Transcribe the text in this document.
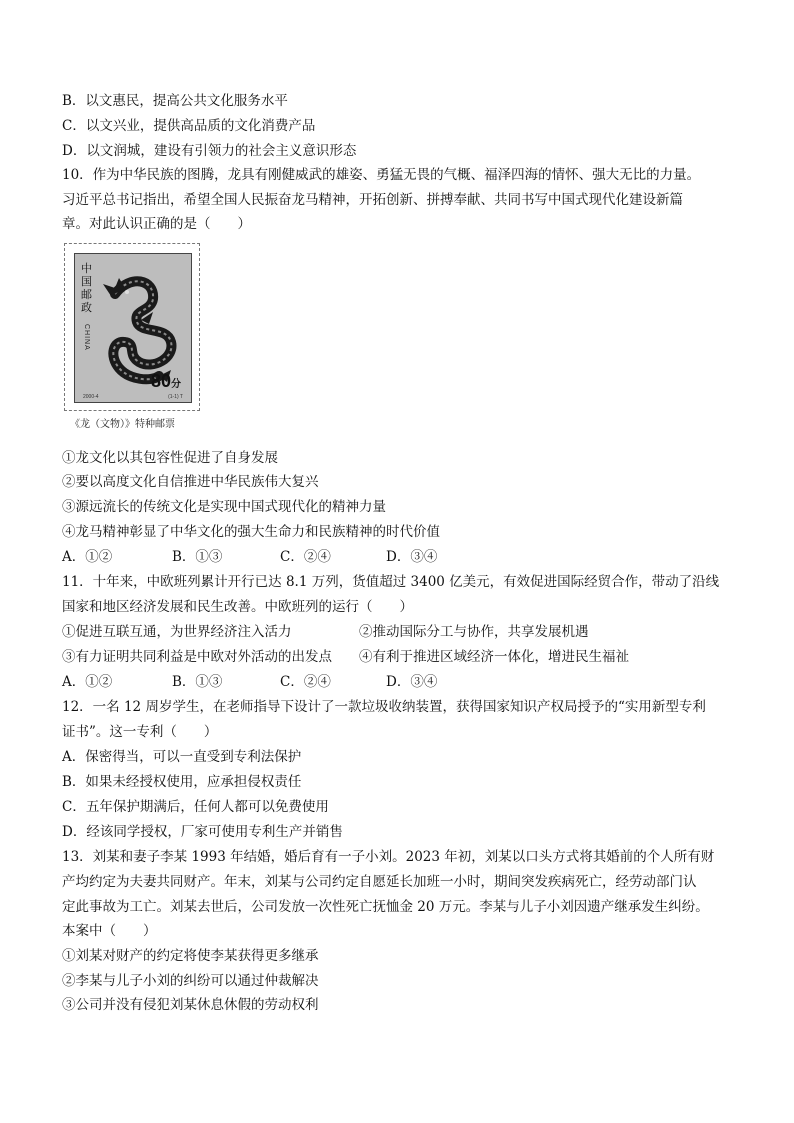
B．以文惠民，提高公共文化服务水平
C．以文兴业，提供高品质的文化消费产品
D．以文润城，建设有引领力的社会主义意识形态
10．作为中华民族的图腾，龙具有刚健威武的雄姿、勇猛无畏的气概、福泽四海的情怀、强大无比的力量。
习近平总书记指出，希望全国人民振奋龙马精神，开拓创新、拼搏奉献、共同书写中国式现代化建设新篇
章。对此认识正确的是（　　）
中国邮政
CHINA
80分
2000-4	(1-1) T
《龙（文物）》特种邮票
①龙文化以其包容性促进了自身发展
②要以高度文化自信推进中华民族伟大复兴
③源远流长的传统文化是实现中国式现代化的精神力量
④龙马精神彰显了中华文化的强大生命力和民族精神的时代价值
A．①②	B．①③	C．②④	D．③④
11．十年来，中欧班列累计开行已达 8.1 万列，货值超过 3400 亿美元，有效促进国际经贸合作，带动了沿线
国家和地区经济发展和民生改善。中欧班列的运行（　　）
①促进互联互通，为世界经济注入活力	②推动国际分工与协作，共享发展机遇
③有力证明共同利益是中欧对外活动的出发点 ④有利于推进区域经济一体化，增进民生福祉
A．①②	B．①③	C．②④	D．③④
12．一名 12 周岁学生，在老师指导下设计了一款垃圾收纳装置，获得国家知识产权局授予的“实用新型专利
证书”。这一专利（　　）
A．保密得当，可以一直受到专利法保护
B．如果未经授权使用，应承担侵权责任
C．五年保护期满后，任何人都可以免费使用
D．经该同学授权，厂家可使用专利生产并销售
13．刘某和妻子李某 1993 年结婚，婚后育有一子小刘。2023 年初，刘某以口头方式将其婚前的个人所有财
产均约定为夫妻共同财产。年末，刘某与公司约定自愿延长加班一小时，期间突发疾病死亡，经劳动部门认
定此事故为工亡。刘某去世后，公司发放一次性死亡抚恤金 20 万元。李某与儿子小刘因遗产继承发生纠纷。
本案中（　　）
①刘某对财产的约定将使李某获得更多继承
②李某与儿子小刘的纠纷可以通过仲裁解决
③公司并没有侵犯刘某休息休假的劳动权利
